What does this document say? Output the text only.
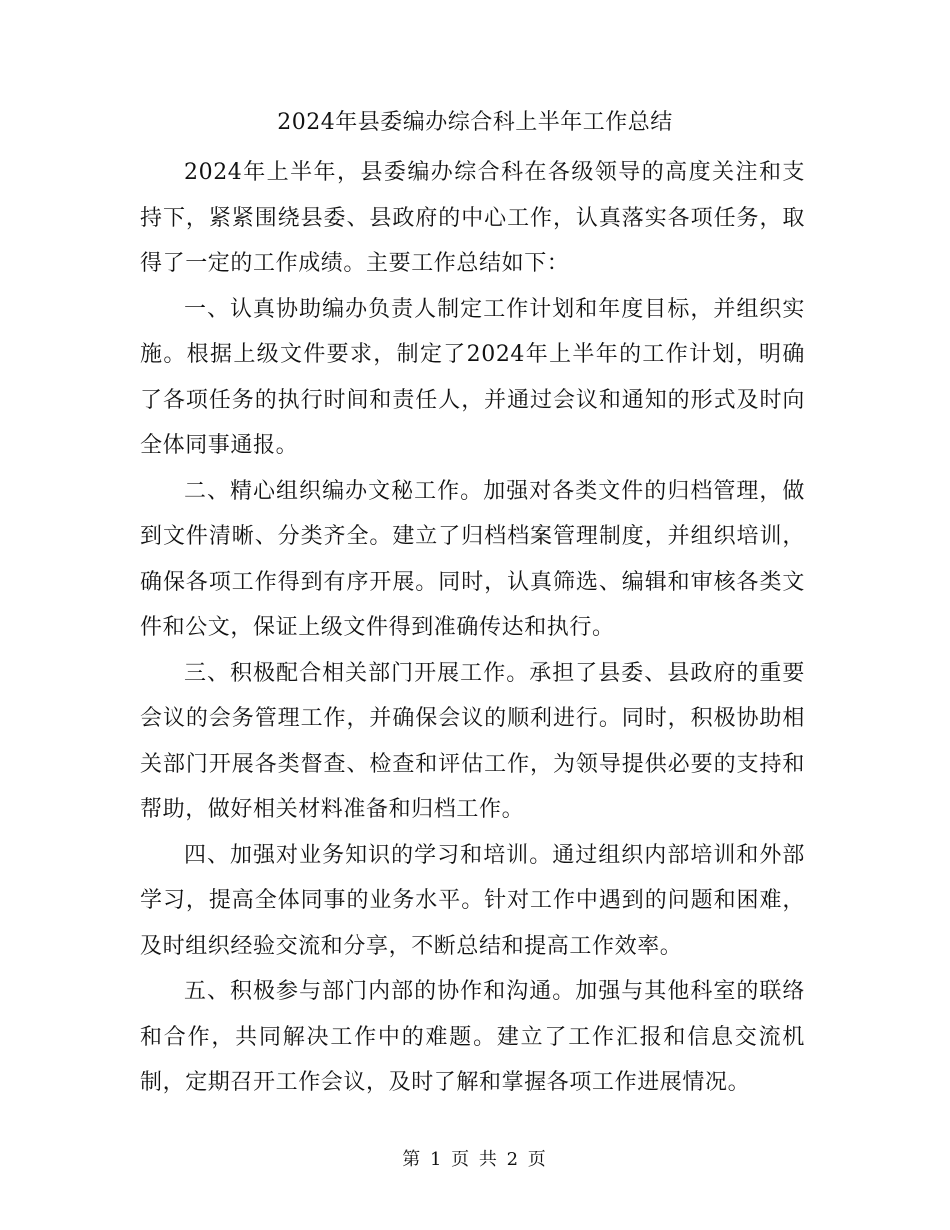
2024年县委编办综合科上半年工作总结

2024年上半年，县委编办综合科在各级领导的高度关注和支持下，紧紧围绕县委、县政府的中心工作，认真落实各项任务，取得了一定的工作成绩。主要工作总结如下：

一、认真协助编办负责人制定工作计划和年度目标，并组织实施。根据上级文件要求，制定了2024年上半年的工作计划，明确了各项任务的执行时间和责任人，并通过会议和通知的形式及时向全体同事通报。

二、精心组织编办文秘工作。加强对各类文件的归档管理，做到文件清晰、分类齐全。建立了归档档案管理制度，并组织培训，确保各项工作得到有序开展。同时，认真筛选、编辑和审核各类文件和公文，保证上级文件得到准确传达和执行。

三、积极配合相关部门开展工作。承担了县委、县政府的重要会议的会务管理工作，并确保会议的顺利进行。同时，积极协助相关部门开展各类督查、检查和评估工作，为领导提供必要的支持和帮助，做好相关材料准备和归档工作。

四、加强对业务知识的学习和培训。通过组织内部培训和外部学习，提高全体同事的业务水平。针对工作中遇到的问题和困难，及时组织经验交流和分享，不断总结和提高工作效率。

五、积极参与部门内部的协作和沟通。加强与其他科室的联络和合作，共同解决工作中的难题。建立了工作汇报和信息交流机制，定期召开工作会议，及时了解和掌握各项工作进展情况。

第 1 页 共 2 页
